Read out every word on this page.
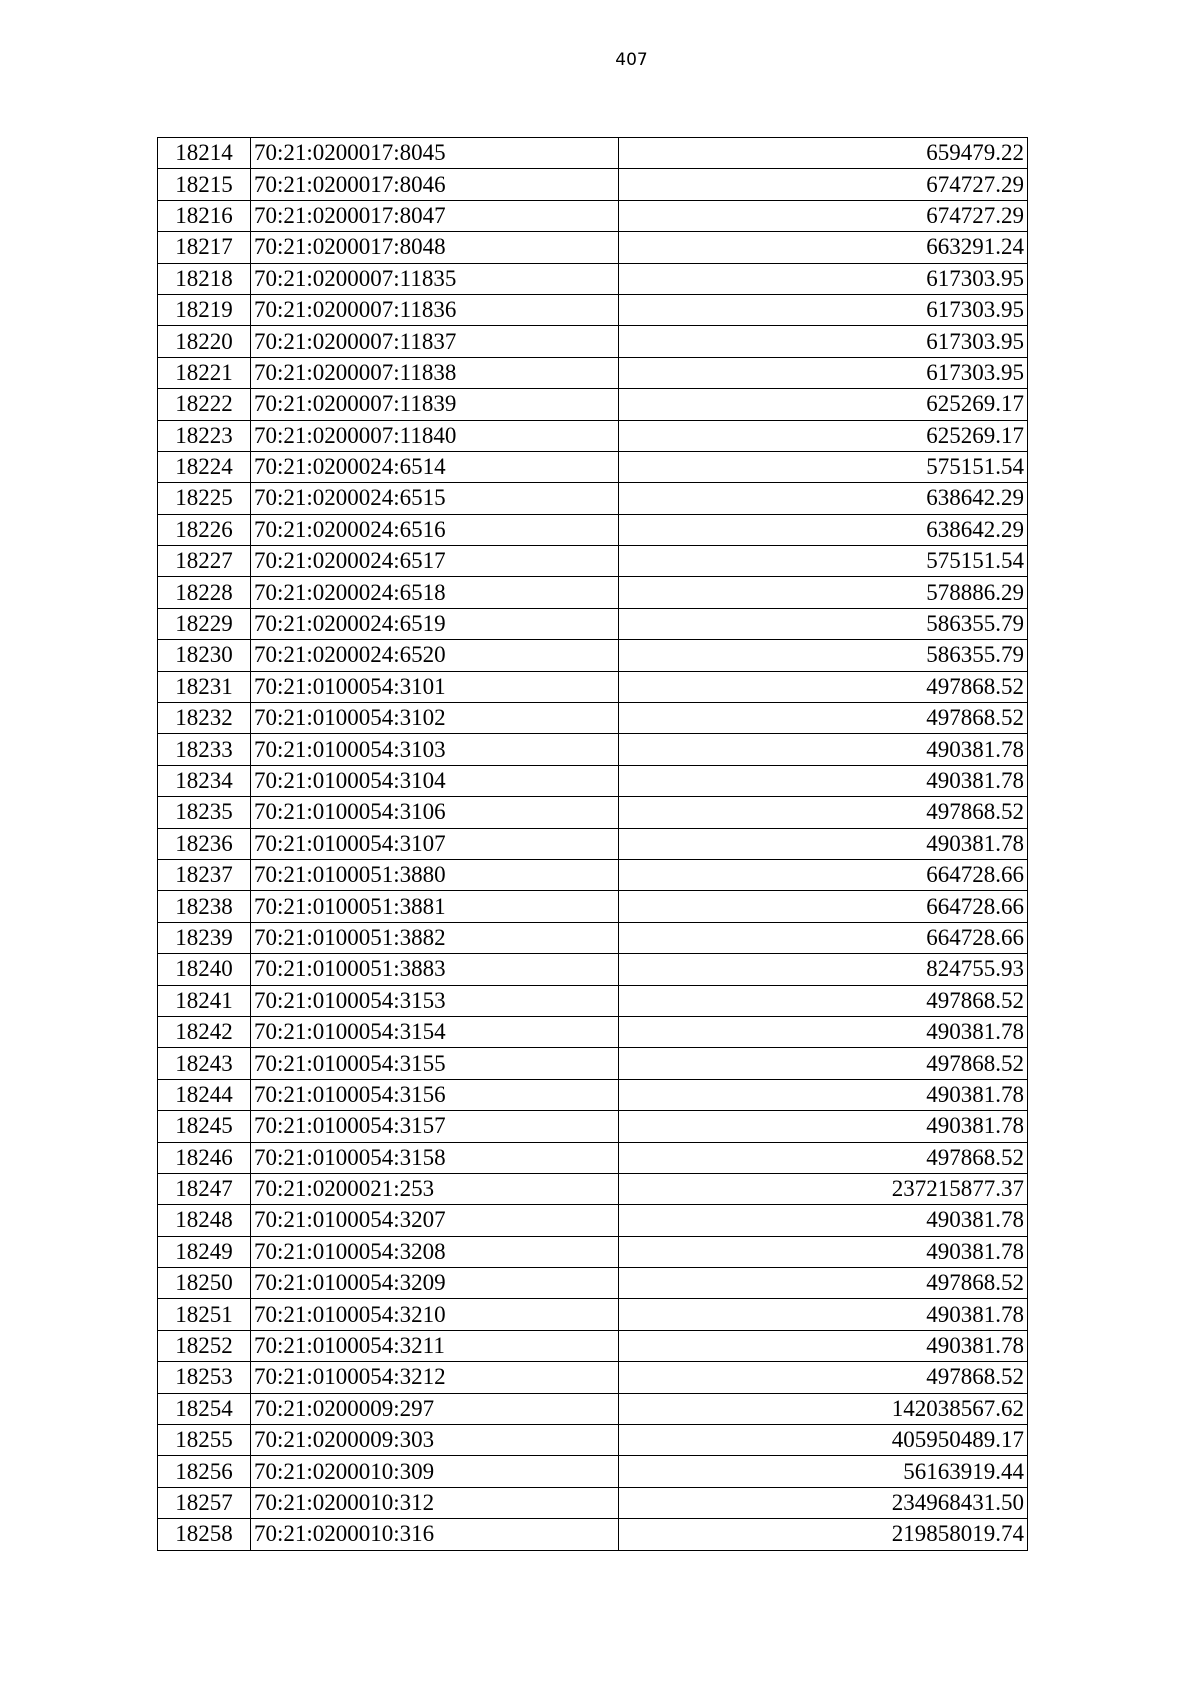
407
18214	70:21:0200017:8045	659479.22
18215	70:21:0200017:8046	674727.29
18216	70:21:0200017:8047	674727.29
18217	70:21:0200017:8048	663291.24
18218	70:21:0200007:11835	617303.95
18219	70:21:0200007:11836	617303.95
18220	70:21:0200007:11837	617303.95
18221	70:21:0200007:11838	617303.95
18222	70:21:0200007:11839	625269.17
18223	70:21:0200007:11840	625269.17
18224	70:21:0200024:6514	575151.54
18225	70:21:0200024:6515	638642.29
18226	70:21:0200024:6516	638642.29
18227	70:21:0200024:6517	575151.54
18228	70:21:0200024:6518	578886.29
18229	70:21:0200024:6519	586355.79
18230	70:21:0200024:6520	586355.79
18231	70:21:0100054:3101	497868.52
18232	70:21:0100054:3102	497868.52
18233	70:21:0100054:3103	490381.78
18234	70:21:0100054:3104	490381.78
18235	70:21:0100054:3106	497868.52
18236	70:21:0100054:3107	490381.78
18237	70:21:0100051:3880	664728.66
18238	70:21:0100051:3881	664728.66
18239	70:21:0100051:3882	664728.66
18240	70:21:0100051:3883	824755.93
18241	70:21:0100054:3153	497868.52
18242	70:21:0100054:3154	490381.78
18243	70:21:0100054:3155	497868.52
18244	70:21:0100054:3156	490381.78
18245	70:21:0100054:3157	490381.78
18246	70:21:0100054:3158	497868.52
18247	70:21:0200021:253	237215877.37
18248	70:21:0100054:3207	490381.78
18249	70:21:0100054:3208	490381.78
18250	70:21:0100054:3209	497868.52
18251	70:21:0100054:3210	490381.78
18252	70:21:0100054:3211	490381.78
18253	70:21:0100054:3212	497868.52
18254	70:21:0200009:297	142038567.62
18255	70:21:0200009:303	405950489.17
18256	70:21:0200010:309	56163919.44
18257	70:21:0200010:312	234968431.50
18258	70:21:0200010:316	219858019.74
